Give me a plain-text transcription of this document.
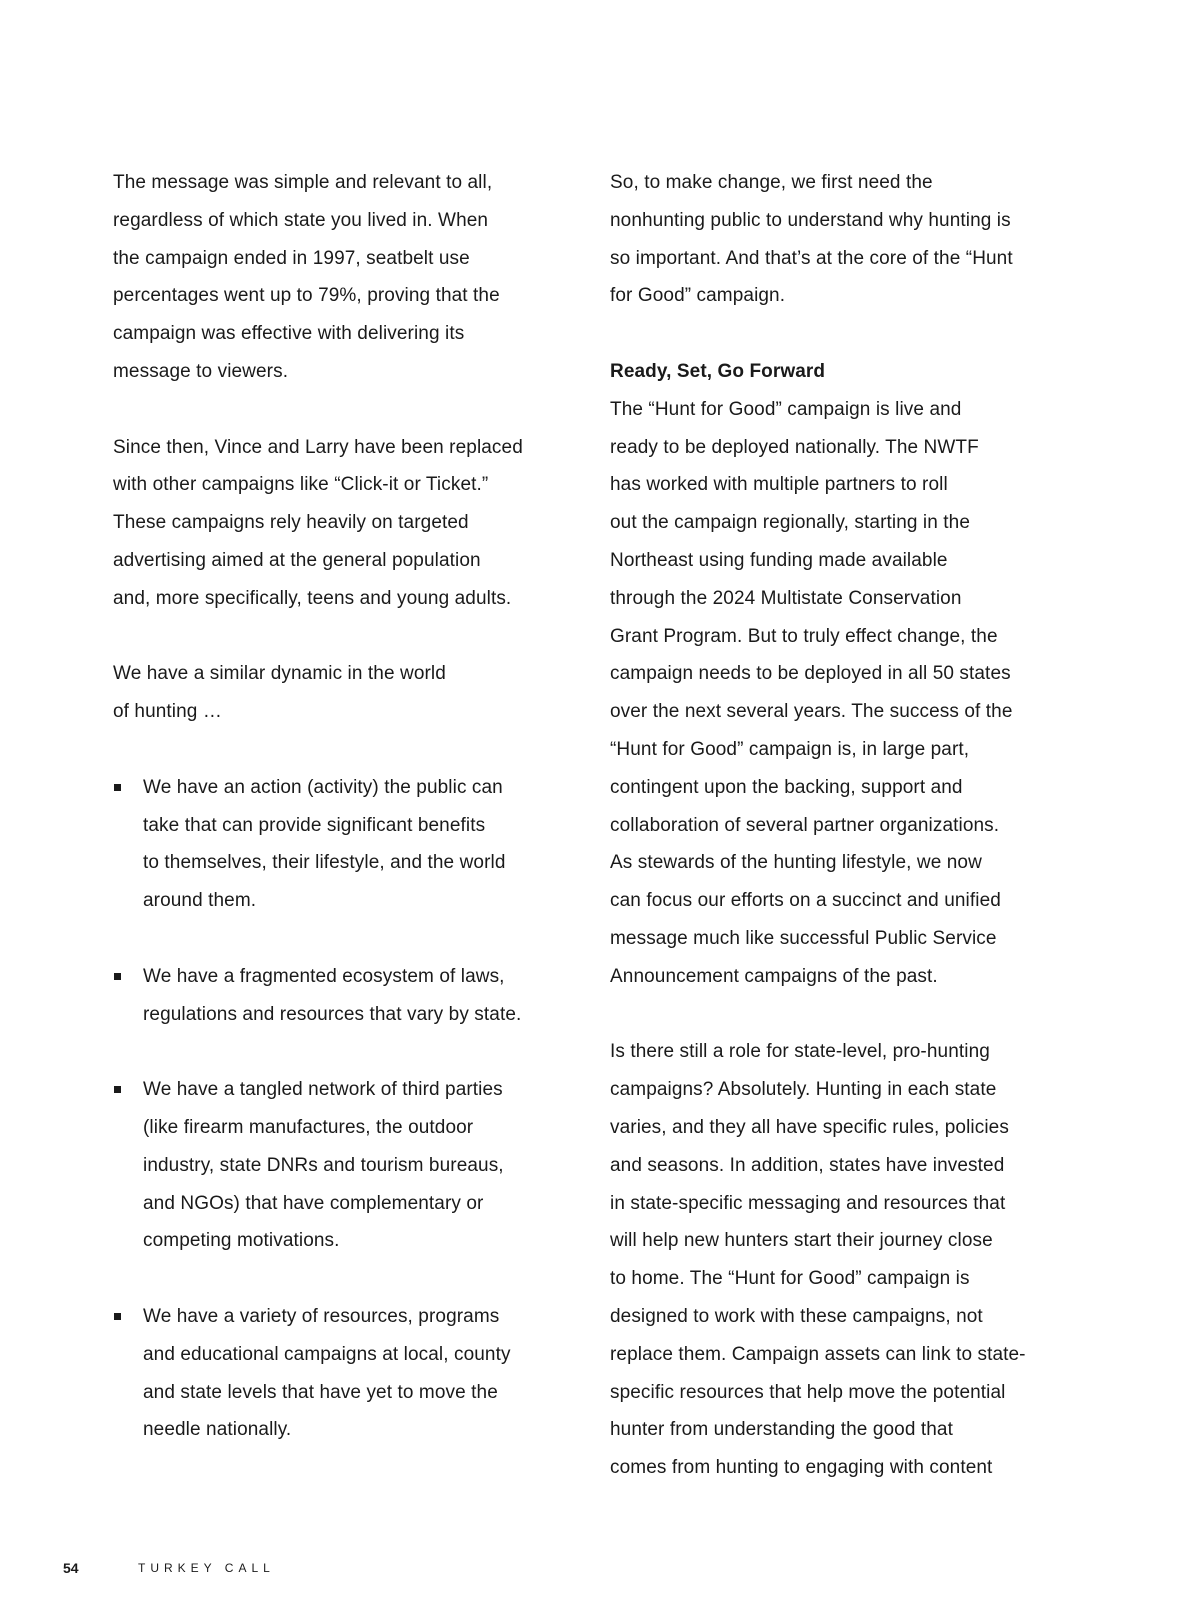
The message was simple and relevant to all,
regardless of which state you lived in. When
the campaign ended in 1997, seatbelt use
percentages went up to 79%, proving that the
campaign was effective with delivering its
message to viewers.
Since then, Vince and Larry have been replaced
with other campaigns like “Click-it or Ticket.”
These campaigns rely heavily on targeted
advertising aimed at the general population
and, more specifically, teens and young adults.
We have a similar dynamic in the world
of hunting …
We have an action (activity) the public can
take that can provide significant benefits
to themselves, their lifestyle, and the world
around them.
We have a fragmented ecosystem of laws,
regulations and resources that vary by state.
We have a tangled network of third parties
(like firearm manufactures, the outdoor
industry, state DNRs and tourism bureaus,
and NGOs) that have complementary or
competing motivations.
We have a variety of resources, programs
and educational campaigns at local, county
and state levels that have yet to move the
needle nationally.
So, to make change, we first need the
nonhunting public to understand why hunting is
so important. And that’s at the core of the “Hunt
for Good” campaign.
Ready, Set, Go Forward
The “Hunt for Good” campaign is live and
ready to be deployed nationally. The NWTF
has worked with multiple partners to roll
out the campaign regionally, starting in the
Northeast using funding made available
through the 2024 Multistate Conservation
Grant Program. But to truly effect change, the
campaign needs to be deployed in all 50 states
over the next several years. The success of the
“Hunt for Good” campaign is, in large part,
contingent upon the backing, support and
collaboration of several partner organizations.
As stewards of the hunting lifestyle, we now
can focus our efforts on a succinct and unified
message much like successful Public Service
Announcement campaigns of the past.
Is there still a role for state-level, pro-hunting
campaigns? Absolutely. Hunting in each state
varies, and they all have specific rules, policies
and seasons. In addition, states have invested
in state-specific messaging and resources that
will help new hunters start their journey close
to home. The “Hunt for Good” campaign is
designed to work with these campaigns, not
replace them. Campaign assets can link to state-
specific resources that help move the potential
hunter from understanding the good that
comes from hunting to engaging with content
54	TURKEY CALL
